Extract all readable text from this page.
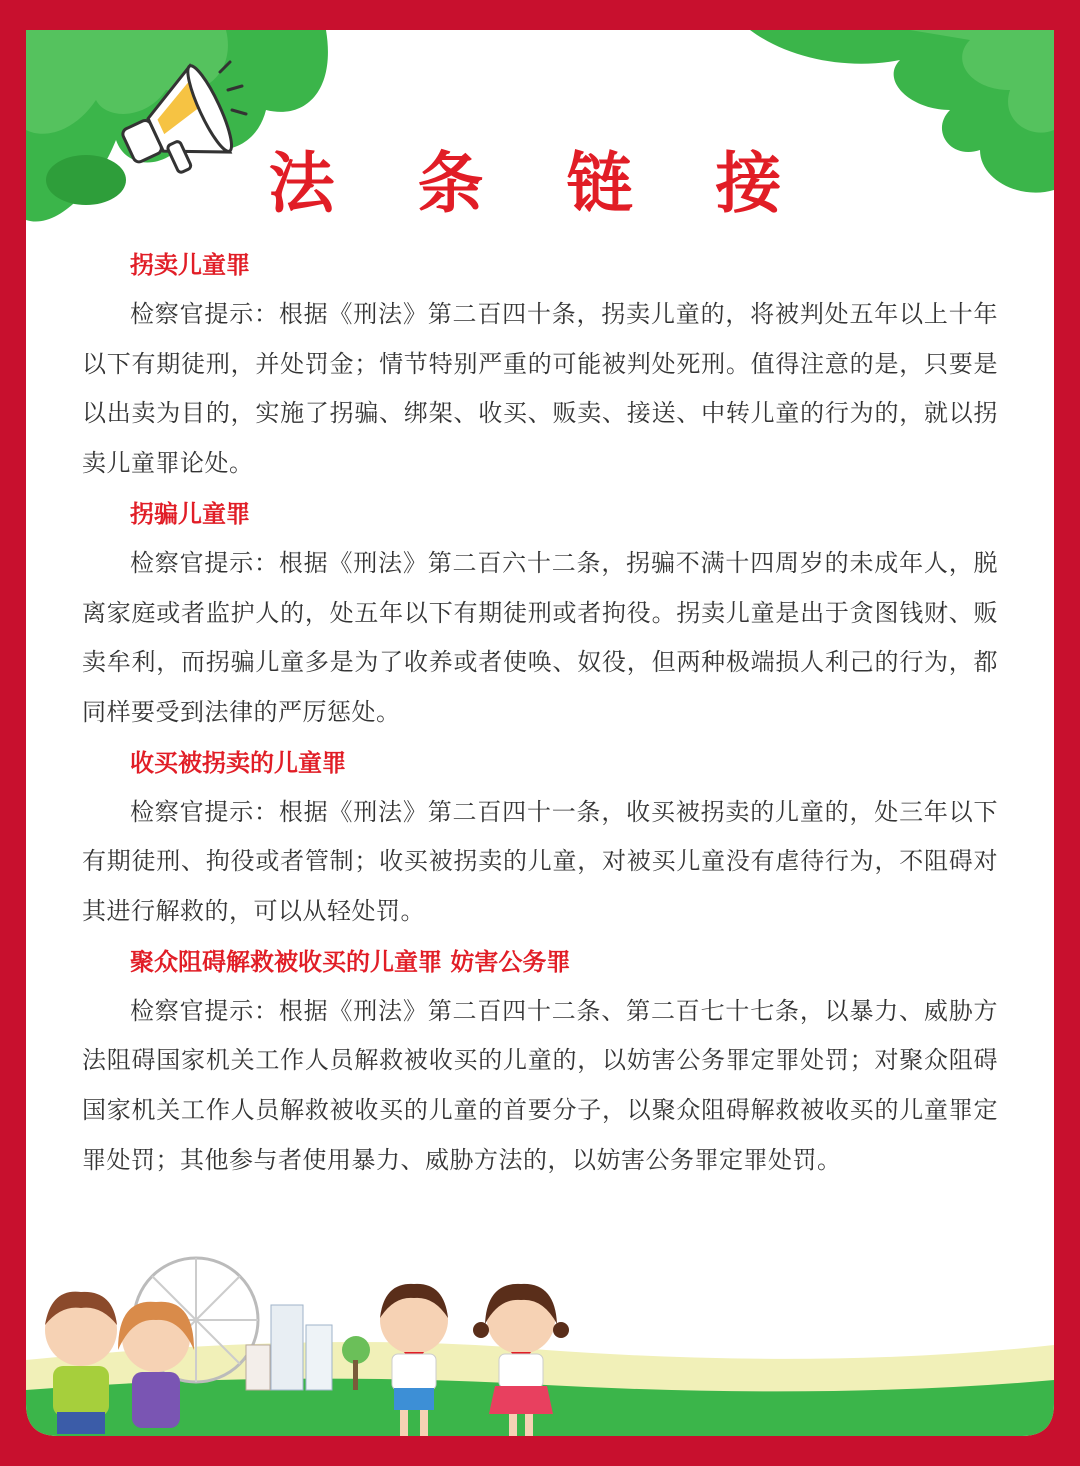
法 条 链 接
拐卖儿童罪

检察官提示：根据《刑法》第二百四十条，拐卖儿童的，将被判处五年以上十年以下有期徒刑，并处罚金；情节特别严重的可能被判处死刑。值得注意的是，只要是以出卖为目的，实施了拐骗、绑架、收买、贩卖、接送、中转儿童的行为的，就以拐卖儿童罪论处。

拐骗儿童罪

检察官提示：根据《刑法》第二百六十二条，拐骗不满十四周岁的未成年人，脱离家庭或者监护人的，处五年以下有期徒刑或者拘役。拐卖儿童是出于贪图钱财、贩卖牟利，而拐骗儿童多是为了收养或者使唤、奴役，但两种极端损人利己的行为，都同样要受到法律的严厉惩处。

收买被拐卖的儿童罪

检察官提示：根据《刑法》第二百四十一条，收买被拐卖的儿童的，处三年以下有期徒刑、拘役或者管制；收买被拐卖的儿童，对被买儿童没有虐待行为，不阻碍对其进行解救的，可以从轻处罚。

聚众阻碍解救被收买的儿童罪 妨害公务罪

检察官提示：根据《刑法》第二百四十二条、第二百七十七条，以暴力、威胁方法阻碍国家机关工作人员解救被收买的儿童的，以妨害公务罪定罪处罚；对聚众阻碍国家机关工作人员解救被收买的儿童的首要分子，以聚众阻碍解救被收买的儿童罪定罪处罚；其他参与者使用暴力、威胁方法的，以妨害公务罪定罪处罚。
